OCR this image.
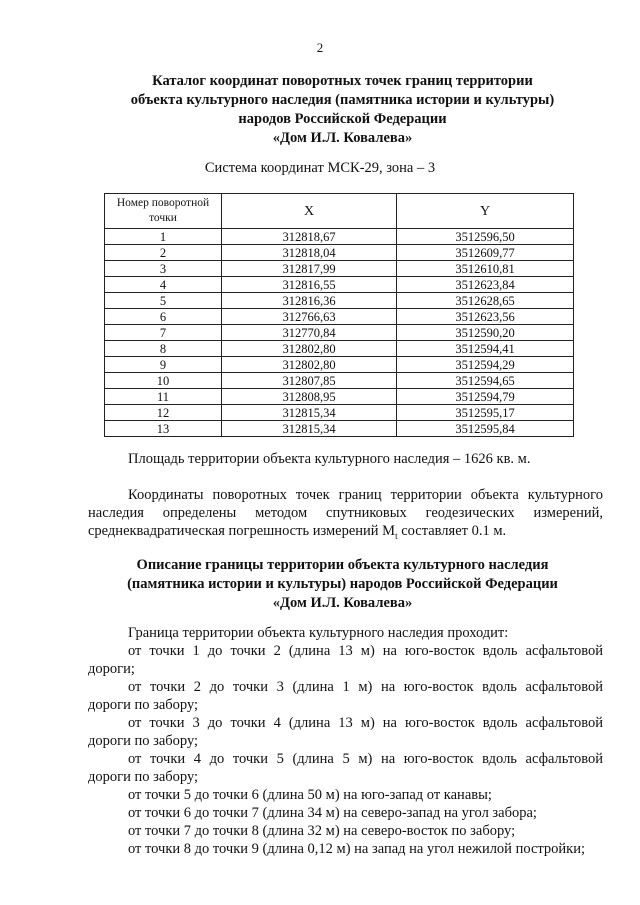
2
Каталог координат поворотных точек границ территории
объекта культурного наследия (памятника истории и культуры)
народов Российской Федерации
«Дом И.Л. Ковалева»
Система координат МСК-29, зона – 3
Номер поворотной точки	X	Y
1	312818,67	3512596,50
2	312818,04	3512609,77
3	312817,99	3512610,81
4	312816,55	3512623,84
5	312816,36	3512628,65
6	312766,63	3512623,56
7	312770,84	3512590,20
8	312802,80	3512594,41
9	312802,80	3512594,29
10	312807,85	3512594,65
11	312808,95	3512594,79
12	312815,34	3512595,17
13	312815,34	3512595,84
Площадь территории объекта культурного наследия – 1626 кв. м.
Координаты поворотных точек границ территории объекта культурного
наследия определены методом спутниковых геодезических измерений,
среднеквадратическая погрешность измерений $M_t$ составляет 0.1 м.
Описание границы территории объекта культурного наследия
(памятника истории и культуры) народов Российской Федерации
«Дом И.Л. Ковалева»
Граница территории объекта культурного наследия проходит:
от точки 1 до точки 2 (длина 13 м) на юго-восток вдоль асфальтовой
дороги;
от точки 2 до точки 3 (длина 1 м) на юго-восток вдоль асфальтовой
дороги по забору;
от точки 3 до точки 4 (длина 13 м) на юго-восток вдоль асфальтовой
дороги по забору;
от точки 4 до точки 5 (длина 5 м) на юго-восток вдоль асфальтовой
дороги по забору;
от точки 5 до точки 6 (длина 50 м) на юго-запад от канавы;
от точки 6 до точки 7 (длина 34 м) на северо-запад на угол забора;
от точки 7 до точки 8 (длина 32 м) на северо-восток по забору;
от точки 8 до точки 9 (длина 0,12 м) на запад на угол нежилой постройки;
